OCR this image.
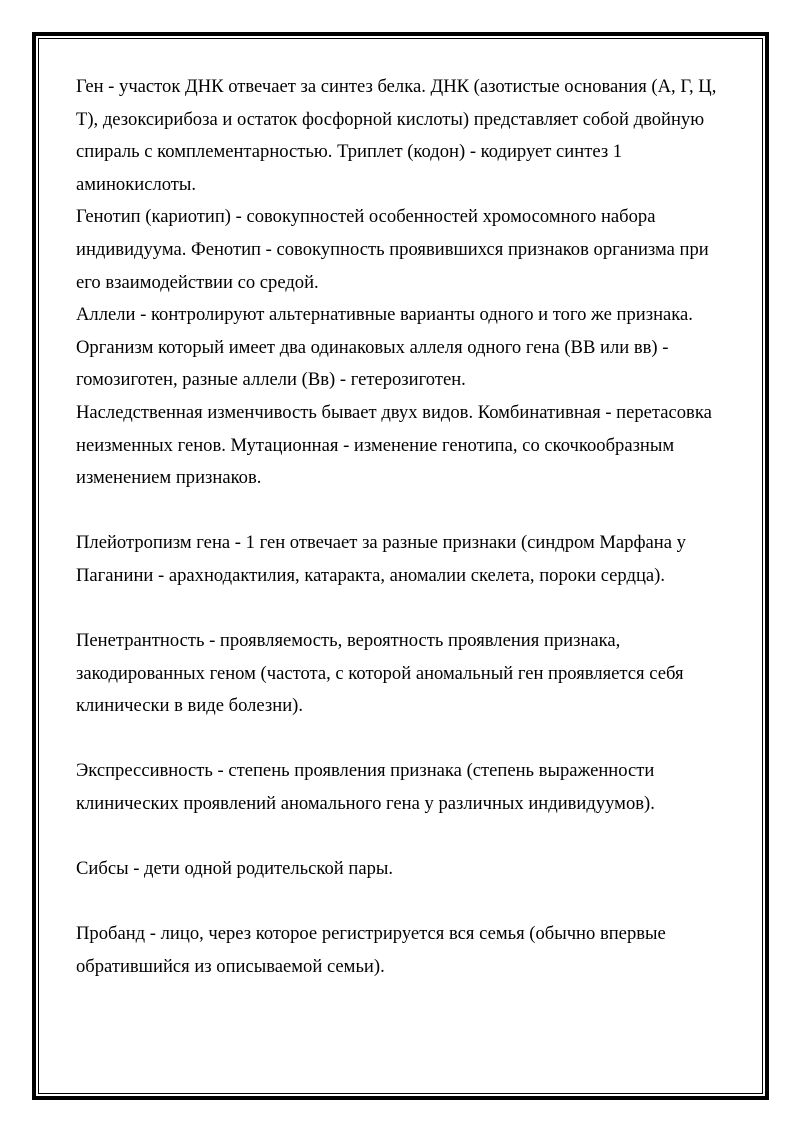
Ген - участок ДНК отвечает за синтез белка. ДНК (азотистые основания (А, Г, Ц, Т), дезоксирибоза и остаток фосфорной кислоты) представляет собой двойную спираль с комплементарностью. Триплет (кодон) - кодирует синтез 1 аминокислоты.

Генотип (кариотип) - совокупностей особенностей хромосомного набора индивидуума. Фенотип - совокупность проявившихся признаков организма при его взаимодействии со средой.

Аллели - контролируют альтернативные варианты одного и того же признака. Организм который имеет два одинаковых аллеля одного гена (ВВ или вв) - гомозиготен, разные аллели (Вв) - гетерозиготен.

Наследственная изменчивость бывает двух видов. Комбинативная - перетасовка неизменных генов. Мутационная - изменение генотипа, со скочкообразным изменением признаков.

Плейотропизм гена - 1 ген отвечает за разные признаки (синдром Марфана у Паганини - арахнодактилия, катаракта, аномалии скелета, пороки сердца).

Пенетрантность - проявляемость, вероятность проявления признака, закодированных геном (частота, с которой аномальный ген проявляется себя клинически в виде болезни).

Экспрессивность - степень проявления признака (степень выраженности клинических проявлений аномального гена у различных индивидуумов).

Сибсы - дети одной родительской пары.

Пробанд - лицо, через которое регистрируется вся семья (обычно впервые обратившийся из описываемой семьи).
